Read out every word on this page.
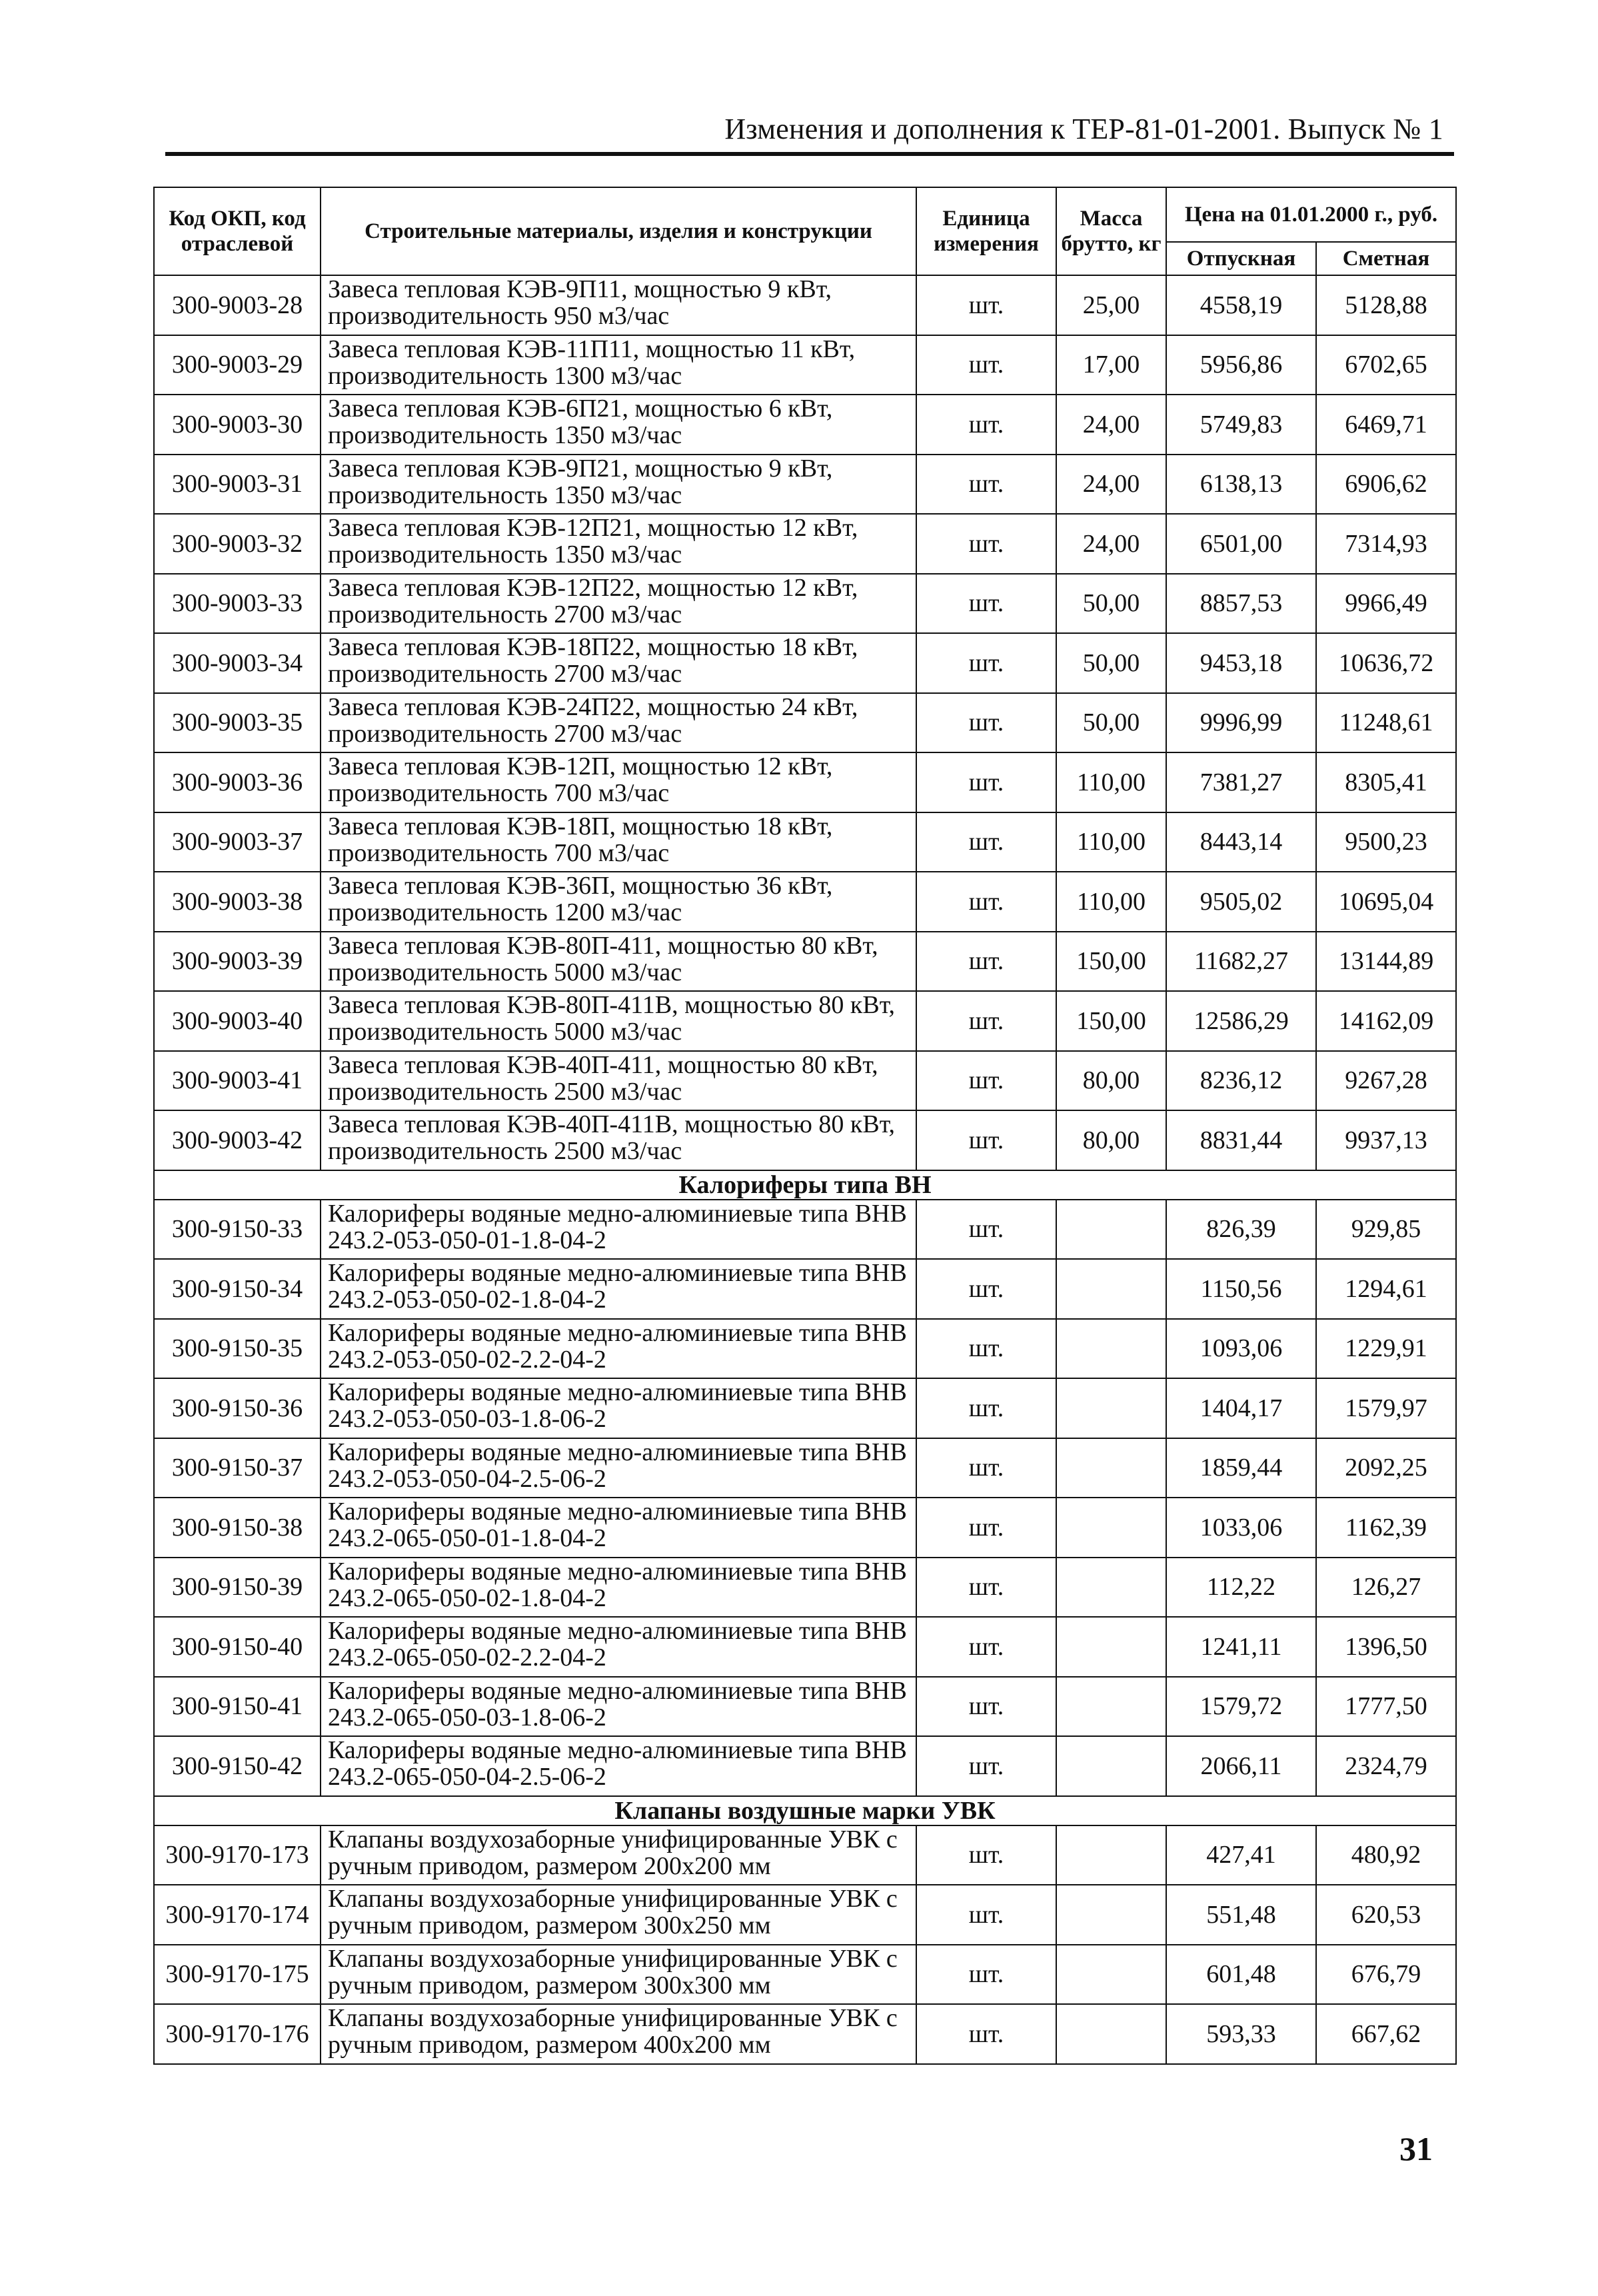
Изменения и дополнения к ТЕР-81-01-2001. Выпуск № 1
Код ОКП, код отраслевой	Строительные материалы, изделия и конструкции	Единица измерения	Масса брутто, кг	Цена на 01.01.2000 г., руб.	
				Отпускная	Сметная
300-9003-28	Завеса тепловая КЭВ-9П11, мощностью 9 кВт, производительность 950 м3/час	шт.	25,00	4558,19	5128,88
300-9003-29	Завеса тепловая КЭВ-11П11, мощностью 11 кВт, производительность 1300 м3/час	шт.	17,00	5956,86	6702,65
300-9003-30	Завеса тепловая КЭВ-6П21, мощностью 6 кВт, производительность 1350 м3/час	шт.	24,00	5749,83	6469,71
300-9003-31	Завеса тепловая КЭВ-9П21, мощностью 9 кВт, производительность 1350 м3/час	шт.	24,00	6138,13	6906,62
300-9003-32	Завеса тепловая КЭВ-12П21, мощностью 12 кВт, производительность 1350 м3/час	шт.	24,00	6501,00	7314,93
300-9003-33	Завеса тепловая КЭВ-12П22, мощностью 12 кВт, производительность 2700 м3/час	шт.	50,00	8857,53	9966,49
300-9003-34	Завеса тепловая КЭВ-18П22, мощностью 18 кВт, производительность 2700 м3/час	шт.	50,00	9453,18	10636,72
300-9003-35	Завеса тепловая КЭВ-24П22, мощностью 24 кВт, производительность 2700 м3/час	шт.	50,00	9996,99	11248,61
300-9003-36	Завеса тепловая КЭВ-12П, мощностью 12 кВт, производительность 700 м3/час	шт.	110,00	7381,27	8305,41
300-9003-37	Завеса тепловая КЭВ-18П, мощностью 18 кВт, производительность 700 м3/час	шт.	110,00	8443,14	9500,23
300-9003-38	Завеса тепловая КЭВ-36П, мощностью 36 кВт, производительность 1200 м3/час	шт.	110,00	9505,02	10695,04
300-9003-39	Завеса тепловая КЭВ-80П-411, мощностью 80 кВт, производительность 5000 м3/час	шт.	150,00	11682,27	13144,89
300-9003-40	Завеса тепловая КЭВ-80П-411В, мощностью 80 кВт, производительность 5000 м3/час	шт.	150,00	12586,29	14162,09
300-9003-41	Завеса тепловая КЭВ-40П-411, мощностью 80 кВт, производительность 2500 м3/час	шт.	80,00	8236,12	9267,28
300-9003-42	Завеса тепловая КЭВ-40П-411В, мощностью 80 кВт, производительность 2500 м3/час	шт.	80,00	8831,44	9937,13
Калориферы типа ВН					
300-9150-33	Калориферы водяные медно-алюминиевые типа ВНВ 243.2-053-050-01-1.8-04-2	шт.		826,39	929,85
300-9150-34	Калориферы водяные медно-алюминиевые типа ВНВ 243.2-053-050-02-1.8-04-2	шт.		1150,56	1294,61
300-9150-35	Калориферы водяные медно-алюминиевые типа ВНВ 243.2-053-050-02-2.2-04-2	шт.		1093,06	1229,91
300-9150-36	Калориферы водяные медно-алюминиевые типа ВНВ 243.2-053-050-03-1.8-06-2	шт.		1404,17	1579,97
300-9150-37	Калориферы водяные медно-алюминиевые типа ВНВ 243.2-053-050-04-2.5-06-2	шт.		1859,44	2092,25
300-9150-38	Калориферы водяные медно-алюминиевые типа ВНВ 243.2-065-050-01-1.8-04-2	шт.		1033,06	1162,39
300-9150-39	Калориферы водяные медно-алюминиевые типа ВНВ 243.2-065-050-02-1.8-04-2	шт.		112,22	126,27
300-9150-40	Калориферы водяные медно-алюминиевые типа ВНВ 243.2-065-050-02-2.2-04-2	шт.		1241,11	1396,50
300-9150-41	Калориферы водяные медно-алюминиевые типа ВНВ 243.2-065-050-03-1.8-06-2	шт.		1579,72	1777,50
300-9150-42	Калориферы водяные медно-алюминиевые типа ВНВ 243.2-065-050-04-2.5-06-2	шт.		2066,11	2324,79
Клапаны воздушные марки УВК					
300-9170-173	Клапаны воздухозаборные унифицированные УВК с ручным приводом, размером 200х200 мм	шт.		427,41	480,92
300-9170-174	Клапаны воздухозаборные унифицированные УВК с ручным приводом, размером 300х250 мм	шт.		551,48	620,53
300-9170-175	Клапаны воздухозаборные унифицированные УВК с ручным приводом, размером 300х300 мм	шт.		601,48	676,79
300-9170-176	Клапаны воздухозаборные унифицированные УВК с ручным приводом, размером 400х200 мм	шт.		593,33	667,62
31
